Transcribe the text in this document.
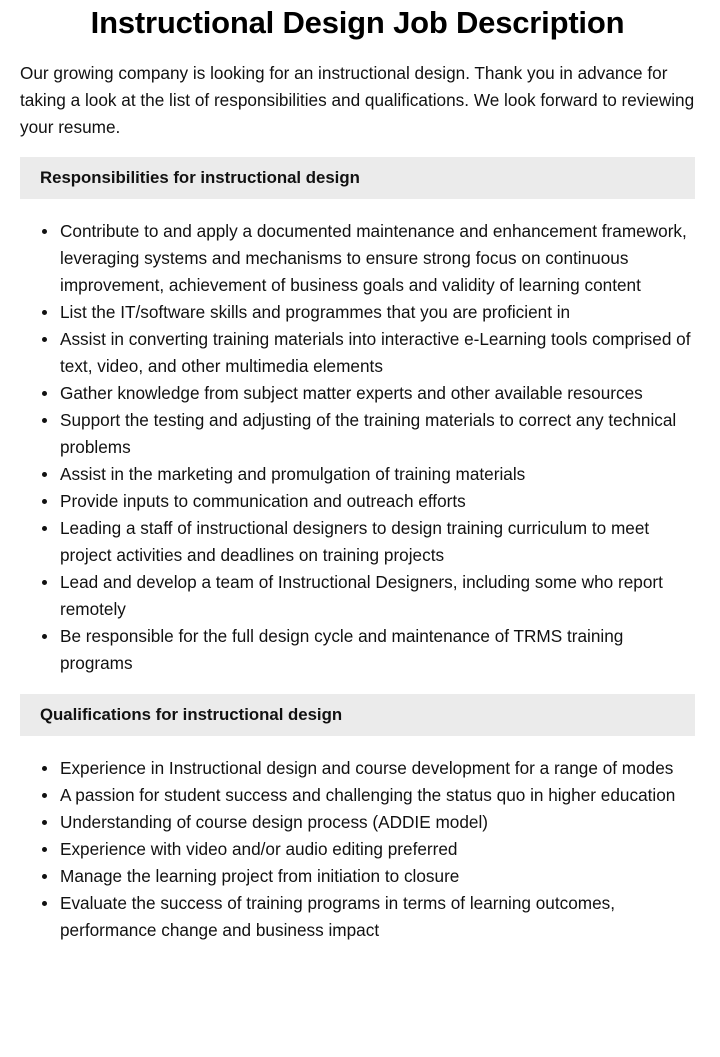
Instructional Design Job Description

Our growing company is looking for an instructional design. Thank you in advance for taking a look at the list of responsibilities and qualifications. We look forward to reviewing your resume.

Responsibilities for instructional design
Contribute to and apply a documented maintenance and enhancement framework, leveraging systems and mechanisms to ensure strong focus on continuous improvement, achievement of business goals and validity of learning content
List the IT/software skills and programmes that you are proficient in
Assist in converting training materials into interactive e-Learning tools comprised of text, video, and other multimedia elements
Gather knowledge from subject matter experts and other available resources
Support the testing and adjusting of the training materials to correct any technical problems
Assist in the marketing and promulgation of training materials
Provide inputs to communication and outreach efforts
Leading a staff of instructional designers to design training curriculum to meet project activities and deadlines on training projects
Lead and develop a team of Instructional Designers, including some who report remotely
Be responsible for the full design cycle and maintenance of TRMS training programs
Qualifications for instructional design
Experience in Instructional design and course development for a range of modes
A passion for student success and challenging the status quo in higher education
Understanding of course design process (ADDIE model)
Experience with video and/or audio editing preferred
Manage the learning project from initiation to closure
Evaluate the success of training programs in terms of learning outcomes, performance change and business impact
